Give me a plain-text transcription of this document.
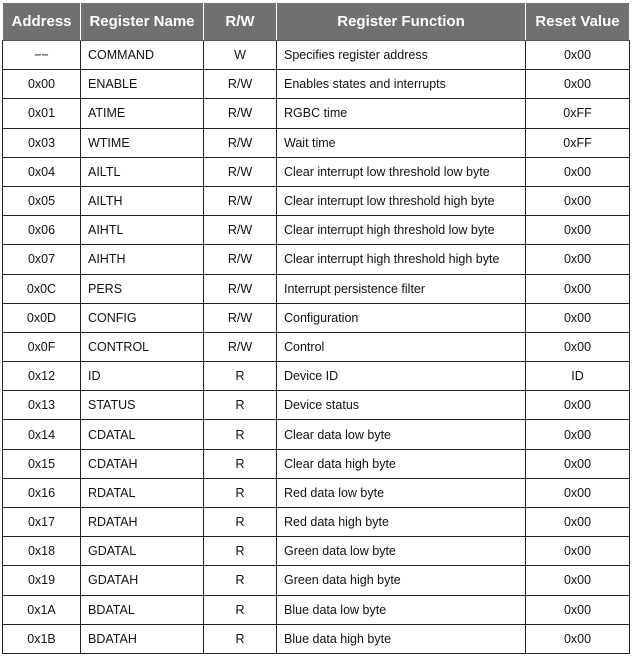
Address	Register Name	R/W	Register Function	Reset Value
−−	COMMAND	W	Specifies register address	0x00
0x00	ENABLE	R/W	Enables states and interrupts	0x00
0x01	ATIME	R/W	RGBC time	0xFF
0x03	WTIME	R/W	Wait time	0xFF
0x04	AILTL	R/W	Clear interrupt low threshold low byte	0x00
0x05	AILTH	R/W	Clear interrupt low threshold high byte	0x00
0x06	AIHTL	R/W	Clear interrupt high threshold low byte	0x00
0x07	AIHTH	R/W	Clear interrupt high threshold high byte	0x00
0x0C	PERS	R/W	Interrupt persistence filter	0x00
0x0D	CONFIG	R/W	Configuration	0x00
0x0F	CONTROL	R/W	Control	0x00
0x12	ID	R	Device ID	ID
0x13	STATUS	R	Device status	0x00
0x14	CDATAL	R	Clear data low byte	0x00
0x15	CDATAH	R	Clear data high byte	0x00
0x16	RDATAL	R	Red data low byte	0x00
0x17	RDATAH	R	Red data high byte	0x00
0x18	GDATAL	R	Green data low byte	0x00
0x19	GDATAH	R	Green data high byte	0x00
0x1A	BDATAL	R	Blue data low byte	0x00
0x1B	BDATAH	R	Blue data high byte	0x00
